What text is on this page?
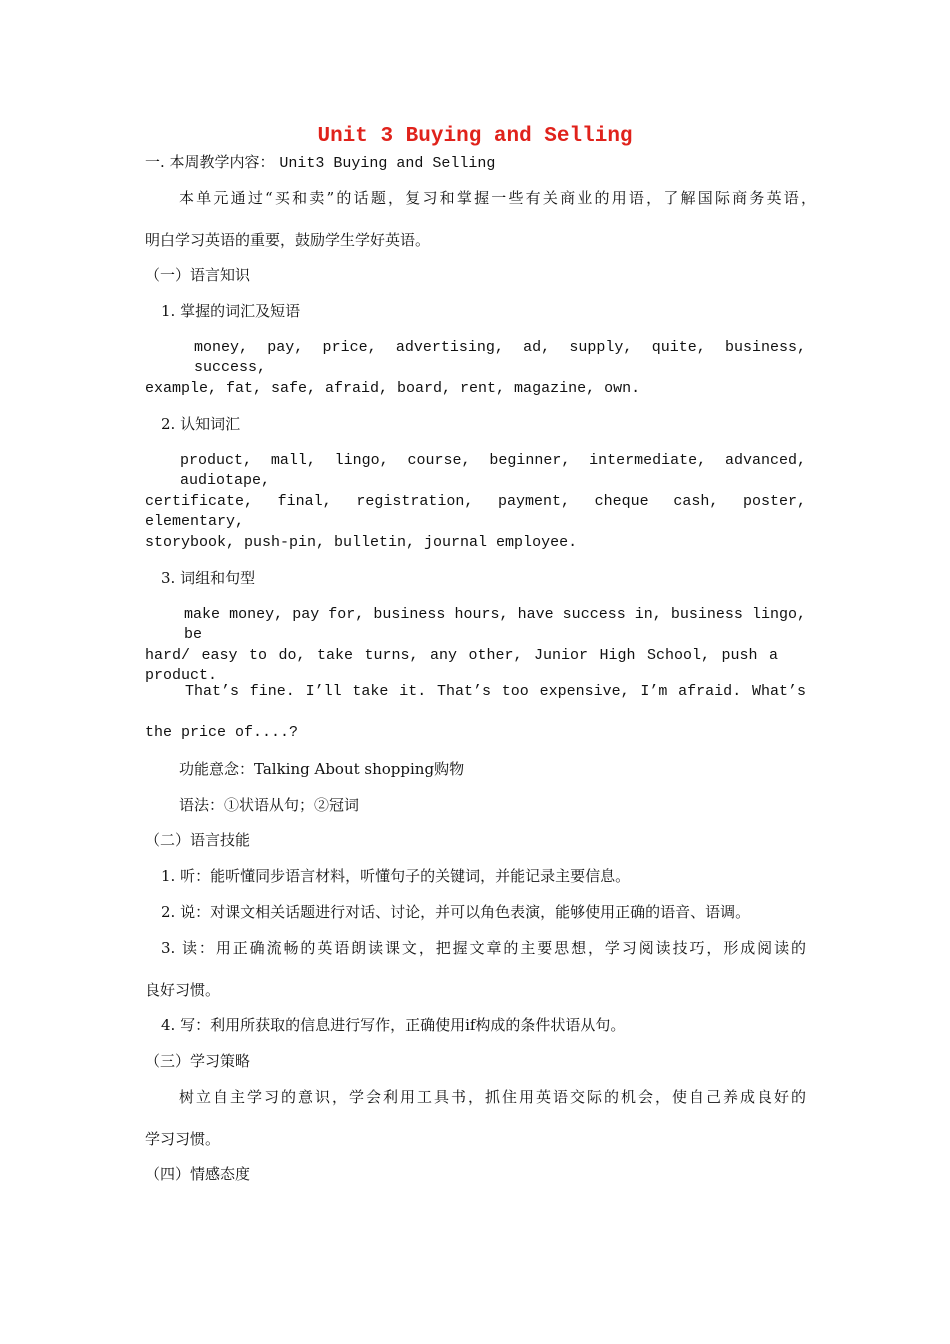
Unit 3 Buying and Selling
一. 本周教学内容： Unit3 Buying and Selling
本单元通过“买和卖”的话题，复习和掌握一些有关商业的用语，了解国际商务英语，
明白学习英语的重要，鼓励学生学好英语。
（一）语言知识
1. 掌握的词汇及短语
money, pay, price, advertising, ad, supply, quite, business, success,
example, fat, safe, afraid, board, rent, magazine, own.
2. 认知词汇
product, mall, lingo, course, beginner, intermediate, advanced, audiotape,
certificate, final, registration, payment, cheque cash, poster, elementary,
storybook, push-pin, bulletin, journal employee.
3. 词组和句型
make money, pay for, business hours, have success in, business lingo, be
hard/ easy to do, take turns, any other, Junior High School, push a product.
That’s fine. I’ll take it. That’s too expensive, I’m afraid. What’s
the price of....?
功能意念：Talking About shopping购物
语法：①状语从句；②冠词
（二）语言技能
1. 听：能听懂同步语言材料，听懂句子的关键词，并能记录主要信息。
2. 说：对课文相关话题进行对话、讨论，并可以角色表演，能够使用正确的语音、语调。
3. 读：用正确流畅的英语朗读课文，把握文章的主要思想，学习阅读技巧，形成阅读的
良好习惯。
4. 写：利用所获取的信息进行写作，正确使用if构成的条件状语从句。
（三）学习策略
树立自主学习的意识，学会利用工具书，抓住用英语交际的机会，使自己养成良好的
学习习惯。
（四）情感态度
